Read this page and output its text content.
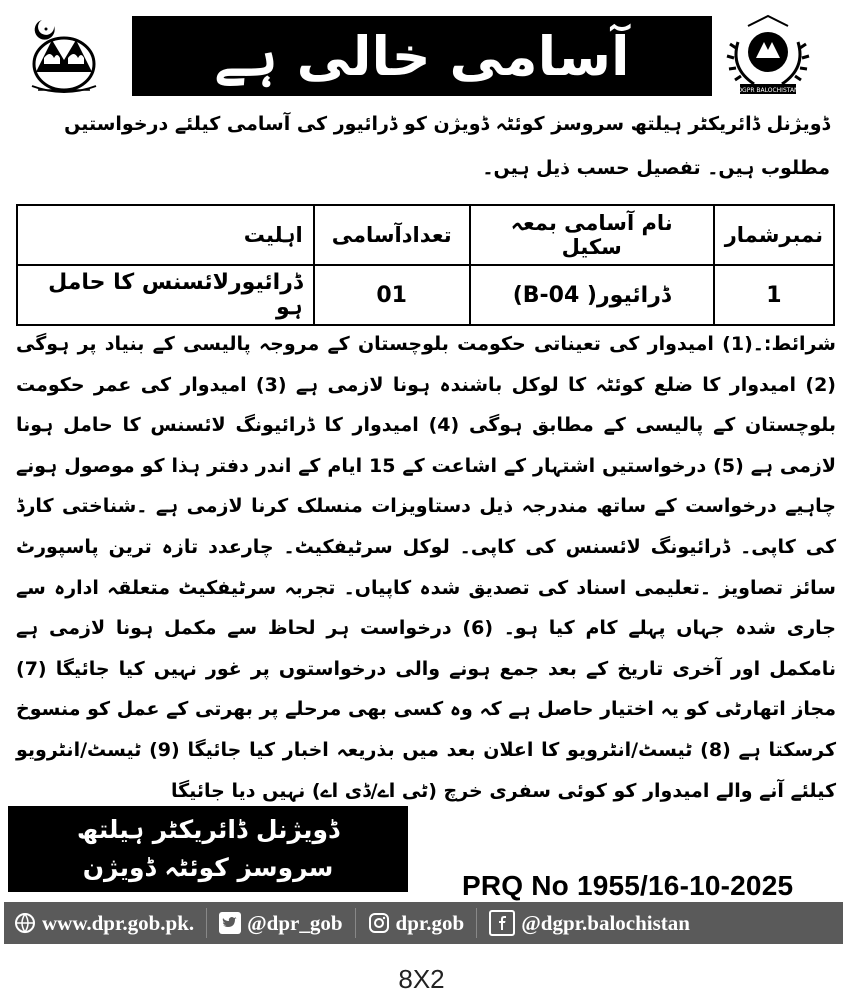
آسامی خالی ہے
DGPR BALOCHISTAN
ڈویژنل ڈائریکٹر ہیلتھ سروسز کوئٹہ ڈویژن کو ڈرائیور کی آسامی کیلئے درخواستیں مطلوب ہیں۔ تفصیل حسب ذیل ہیں۔
نمبرشمار	نام آسامی بمعہ سکیل	تعدادآسامی	اہلیت
1	ڈرائیور( B-04)	01	ڈرائیورلائسنس کا حامل ہو
شرائط:۔(1) امیدوار کی تعیناتی حکومت بلوچستان کے مروجہ پالیسی کے بنیاد پر ہوگی (2) امیدوار کا ضلع کوئٹہ کا لوکل باشندہ ہونا لازمی ہے (3) امیدوار کی عمر حکومت بلوچستان کے پالیسی کے مطابق ہوگی (4) امیدوار کا ڈرائیونگ لائسنس کا حامل ہونا لازمی ہے (5) درخواستیں اشتہار کے اشاعت کے 15 ایام کے اندر دفتر ہذا کو موصول ہونے چاہیے درخواست کے ساتھ مندرجہ ذیل دستاویزات منسلک کرنا لازمی ہے ۔شناختی کارڈ کی کاپی۔ ڈرائیونگ لائسنس کی کاپی۔ لوکل سرٹیفکیٹ۔ چارعدد تازہ ترین پاسپورٹ سائز تصاویز ۔تعلیمی اسناد کی تصدیق شدہ کاپیاں۔ تجربہ سرٹیفکیٹ متعلقہ ادارہ سے جاری شدہ جہاں پہلے کام کیا ہو۔ (6) درخواست ہر لحاظ سے مکمل ہونا لازمی ہے نامکمل اور آخری تاریخ کے بعد جمع ہونے والی درخواستوں پر غور نہیں کیا جائیگا (7) مجاز اتھارٹی کو یہ اختیار حاصل ہے کہ وہ کسی بھی مرحلے پر بھرتی کے عمل کو منسوخ کرسکتا ہے (8) ٹیسٹ/انٹرویو کا اعلان بعد میں بذریعہ اخبار کیا جائیگا (9) ٹیسٹ/انٹرویو کیلئے آنے والے امیدوار کو کوئی سفری خرچ (ٹی اے/ڈی اے) نہیں دیا جائیگا
ڈویژنل ڈائریکٹر ہیلتھ
سروسز کوئٹہ ڈویژن
PRQ No 1955/16-10-2025
www.dpr.gob.pk.	@dpr_gob	dpr.gob	@dgpr.balochistan
8X2
